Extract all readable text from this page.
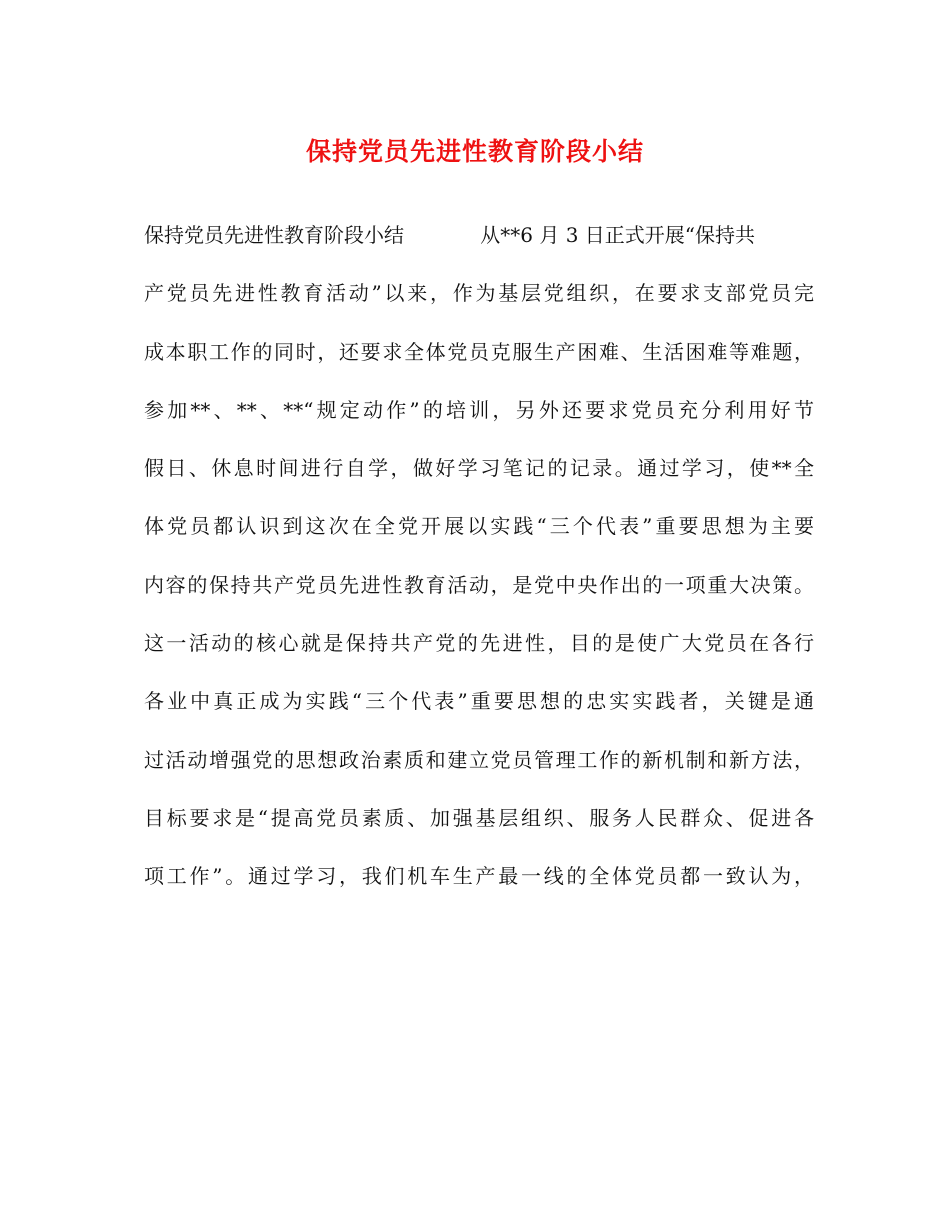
保持党员先进性教育阶段小结
保持党员先进性教育阶段小结            从**6 月 3 日正式开展“保持共
产党员先进性教育活动”以来，作为基层党组织，在要求支部党员完
成本职工作的同时，还要求全体党员克服生产困难、生活困难等难题，
参加**、**、**“规定动作”的培训，另外还要求党员充分利用好节
假日、休息时间进行自学，做好学习笔记的记录。通过学习，使**全
体党员都认识到这次在全党开展以实践“三个代表”重要思想为主要
内容的保持共产党员先进性教育活动，是党中央作出的一项重大决策。
这一活动的核心就是保持共产党的先进性，目的是使广大党员在各行
各业中真正成为实践“三个代表”重要思想的忠实实践者，关键是通
过活动增强党的思想政治素质和建立党员管理工作的新机制和新方法，
目标要求是“提高党员素质、加强基层组织、服务人民群众、促进各
项工作”。通过学习，我们机车生产最一线的全体党员都一致认为，
